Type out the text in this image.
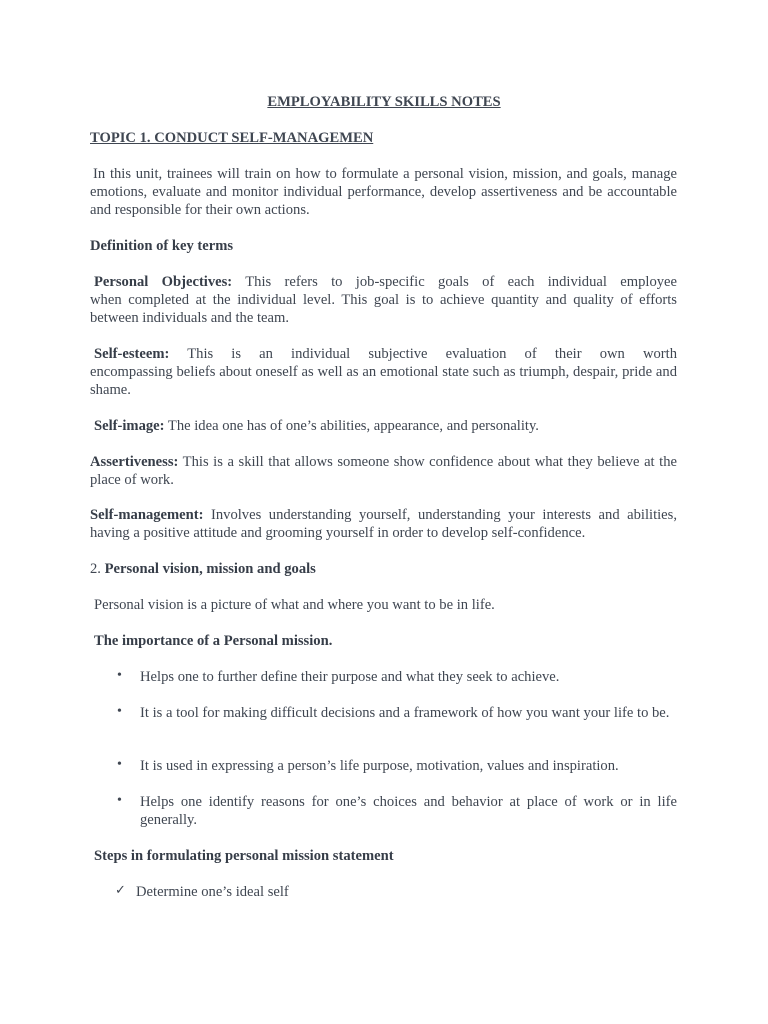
EMPLOYABILITY SKILLS NOTES

TOPIC 1. CONDUCT SELF-MANAGEMEN

In this unit, trainees will train on how to formulate a personal vision, mission, and goals, manage emotions, evaluate and monitor individual performance, develop assertiveness and be accountable and responsible for their own actions.

Definition of key terms

Personal Objectives: This refers to job-specific goals of each individual employee

when completed at the individual level. This goal is to achieve quantity and quality of efforts between individuals and the team.

Self-esteem: This is an individual subjective evaluation of their own worth

encompassing beliefs about oneself as well as an emotional state such as triumph, despair, pride and shame.

Self-image: The idea one has of one’s abilities, appearance, and personality.

Assertiveness: This is a skill that allows someone show confidence about what they believe at the place of work.

Self-management: Involves understanding yourself, understanding your interests and abilities, having a positive attitude and grooming yourself in order to develop self-confidence.

2. Personal vision, mission and goals

Personal vision is a picture of what and where you want to be in life.

The importance of a Personal mission.

• Helps one to further define their purpose and what they seek to achieve.

• It is a tool for making difficult decisions and a framework of how you want your life to be.

• It is used in expressing a person’s life purpose, motivation, values and inspiration.

• Helps one identify reasons for one’s choices and behavior at place of work or in life generally.

Steps in formulating personal mission statement

✓ Determine one’s ideal self
